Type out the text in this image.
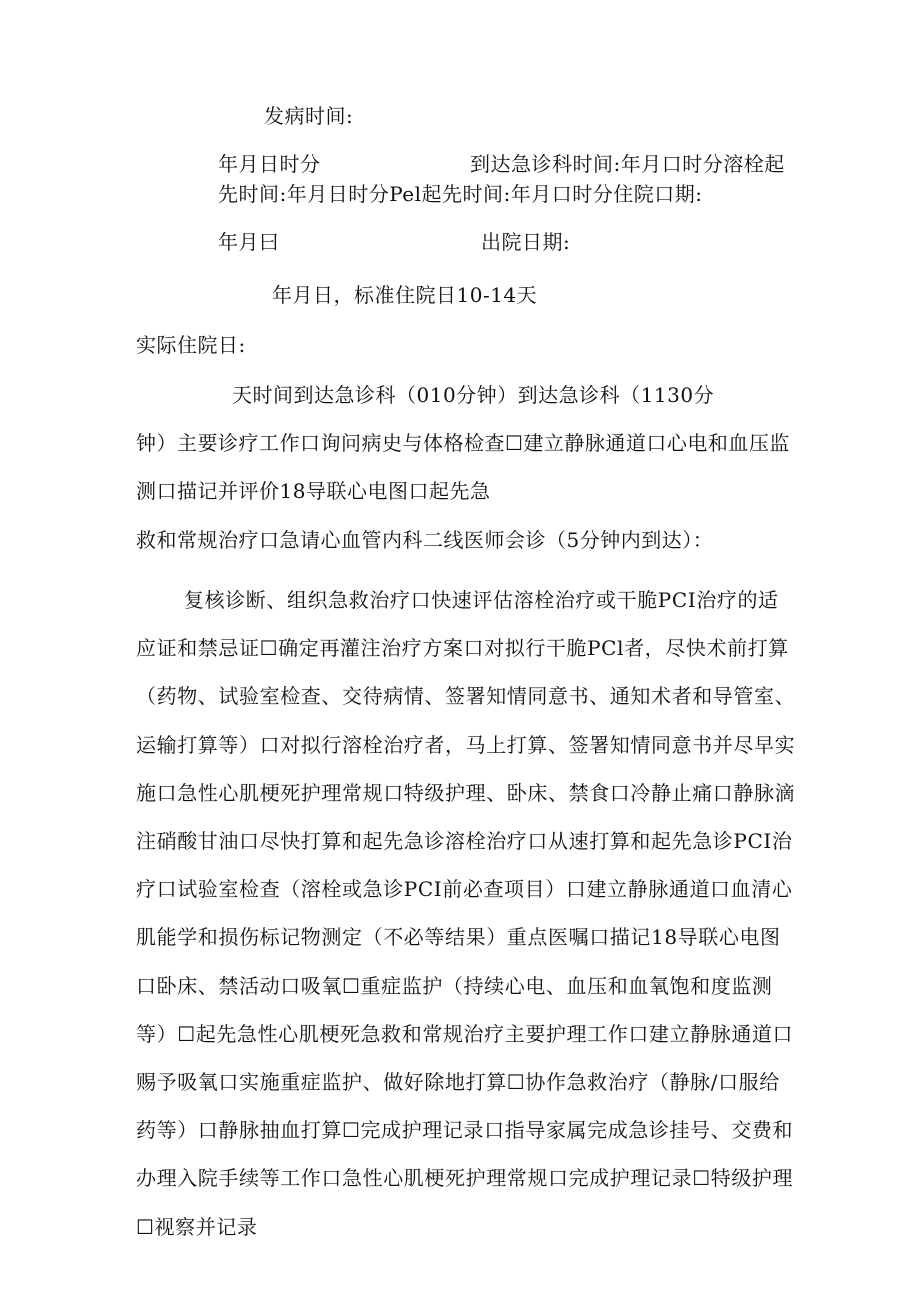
发病时间:
年月日时分	到达急诊科时间:年月口时分溶栓起
先时间:年月日时分Pel起先时间:年月口时分住院口期:
年月曰	出院日期:
年月日，标准住院日10-14天
实际住院日:
天时间到达急诊科（010分钟）到达急诊科（1130分
钟）主要诊疗工作口询问病史与体格检查☐建立静脉通道口心电和血压监
测口描记并评价18导联心电图口起先急
救和常规治疗口急请心血管内科二线医师会诊（5分钟内到达）：

复核诊断、组织急救治疗口快速评估溶栓治疗或干脆PCI治疗的适应证和禁忌证☐确定再灌注治疗方案口对拟行干脆PCl者，尽快术前打算（药物、试验室检查、交待病情、签署知情同意书、通知术者和导管室、运输打算等）口对拟行溶栓治疗者，马上打算、签署知情同意书并尽早实施口急性心肌梗死护理常规口特级护理、卧床、禁食口冷静止痛口静脉滴注硝酸甘油口尽快打算和起先急诊溶栓治疗口从速打算和起先急诊PCI治疗口试验室检查（溶栓或急诊PCI前必查项目）口建立静脉通道口血清心肌能学和损伤标记物测定（不必等结果）重点医嘱口描记18导联心电图口卧床、禁活动口吸氧☐重症监护（持续心电、血压和血氧饱和度监测等）☐起先急性心肌梗死急救和常规治疗主要护理工作口建立静脉通道口赐予吸氧口实施重症监护、做好除地打算☐协作急救治疗（静脉/口服给药等）口静脉抽血打算☐完成护理记录口指导家属完成急诊挂号、交费和办理入院手续等工作口急性心肌梗死护理常规口完成护理记录☐特级护理☐视察并记录
